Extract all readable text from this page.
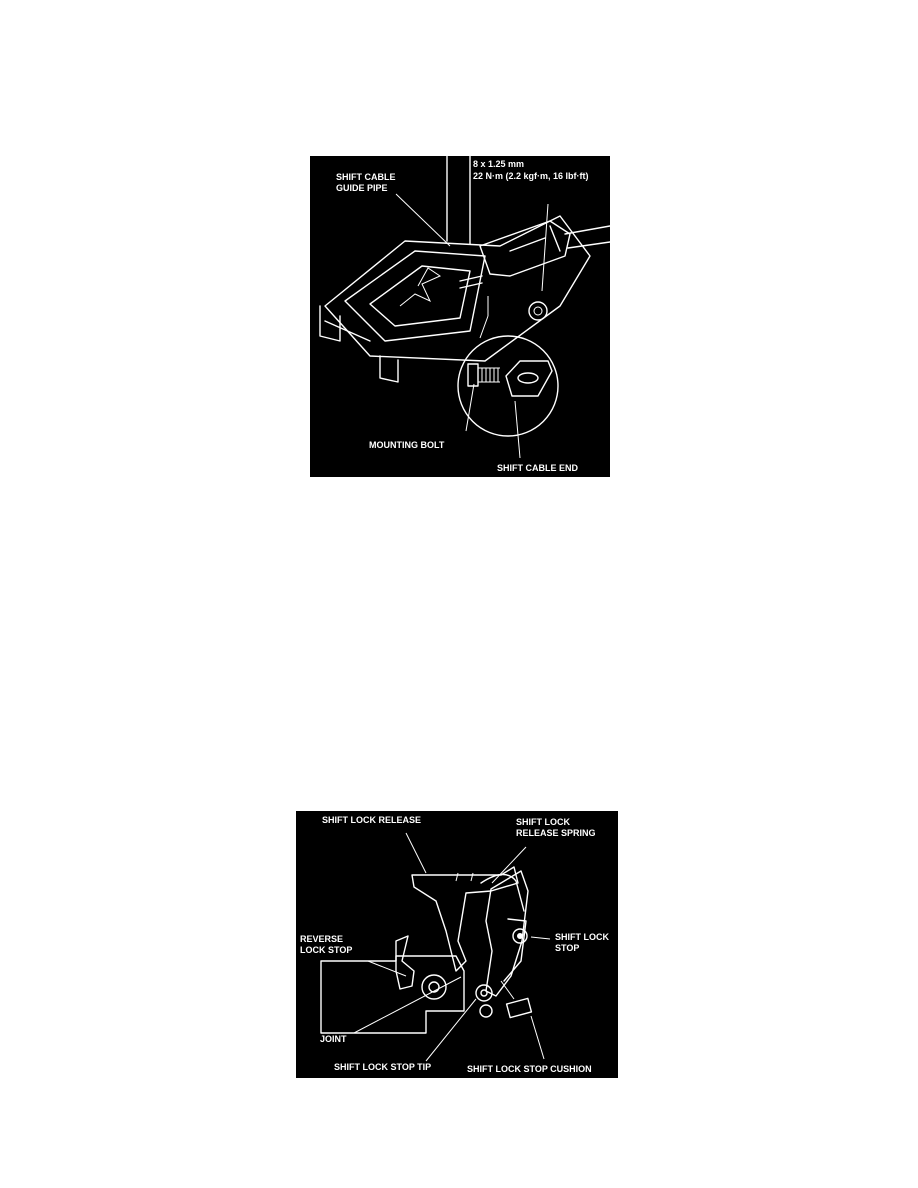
8 x 1.25 mm
22 N·m (2.2 kgf·m, 16 lbf·ft)
SHIFT CABLE
GUIDE PIPE
MOUNTING BOLT
SHIFT CABLE END
SHIFT LOCK RELEASE	SHIFT LOCK
RELEASE SPRING
REVERSE
LOCK STOP
SHIFT LOCK
STOP
JOINT
SHIFT LOCK STOP TIP	SHIFT LOCK STOP CUSHION
